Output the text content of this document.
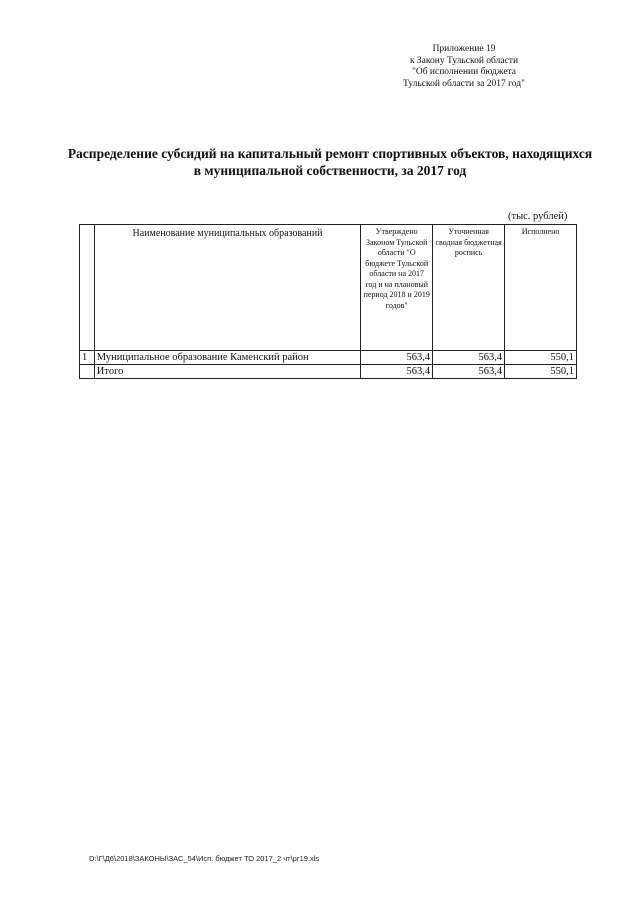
Приложение 19
к Закону Тульской области
"Об исполнении бюджета
Тульской области за 2017 год"
Распределение субсидий на капитальный ремонт спортивных объектов, находящихся
в муниципальной собственности, за 2017 год
(тыс. рублей)
	Наименование муниципальных образований	Утверждено Законом Тульской области "О бюджете Тульской области на 2017 год и на плановый период 2018 и 2019 годов"	Уточненная сводная бюджетная роспись	Исполнено
1	Муниципальное образование Каменский район	563,4	563,4	550,1
	Итого	563,4	563,4	550,1
D:\Г\Д6\2018\ЗАКОНЫ\ЗАС_54\Исп. бюджет ТО 2017_2 чт\рг19.xls
